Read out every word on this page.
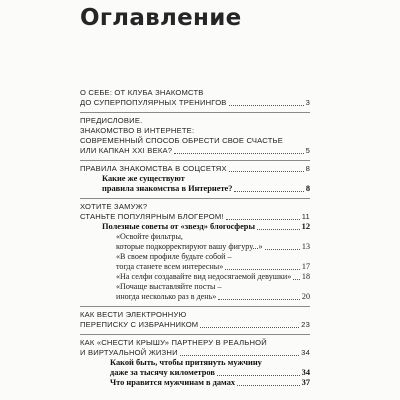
Оглавление
О СЕБЕ: ОТ КЛУБА ЗНАКОМСТВ
ДО СУПЕРПОПУЛЯРНЫХ ТРЕНИНГОВ	3
ПРЕДИСЛОВИЕ.
ЗНАКОМСТВО В ИНТЕРНЕТЕ:
СОВРЕМЕННЫЙ СПОСОБ ОБРЕСТИ СВОЕ СЧАСТЬЕ
ИЛИ КАПКАН XXI ВЕКА?	5
ПРАВИЛА ЗНАКОМСТВА В СОЦСЕТЯХ	8
Какие же существуют
правила знакомства в Интернете?	8
ХОТИТЕ ЗАМУЖ?
СТАНЬТЕ ПОПУЛЯРНЫМ БЛОГЕРОМ!	11
Полезные советы от «звезд» блогосферы	12
«Освойте фильтры,
которые подкорректируют вашу фигуру...»	13
«В своем профиле будьте собой –
тогда станете всем интересны»	17
«На селфи создавайте вид недосягаемой девушки» 18
«Почаще выставляйте посты –
иногда несколько раз в день»	20
КАК ВЕСТИ ЭЛЕКТРОННУЮ
ПЕРЕПИСКУ С ИЗБРАННИКОМ	23
КАК «СНЕСТИ КРЫШУ» ПАРТНЕРУ В РЕАЛЬНОЙ
И ВИРТУАЛЬНОЙ ЖИЗНИ	34
Какой быть, чтобы притянуть мужчину
даже за тысячу километров	34
Что нравится мужчинам в дамах	37
